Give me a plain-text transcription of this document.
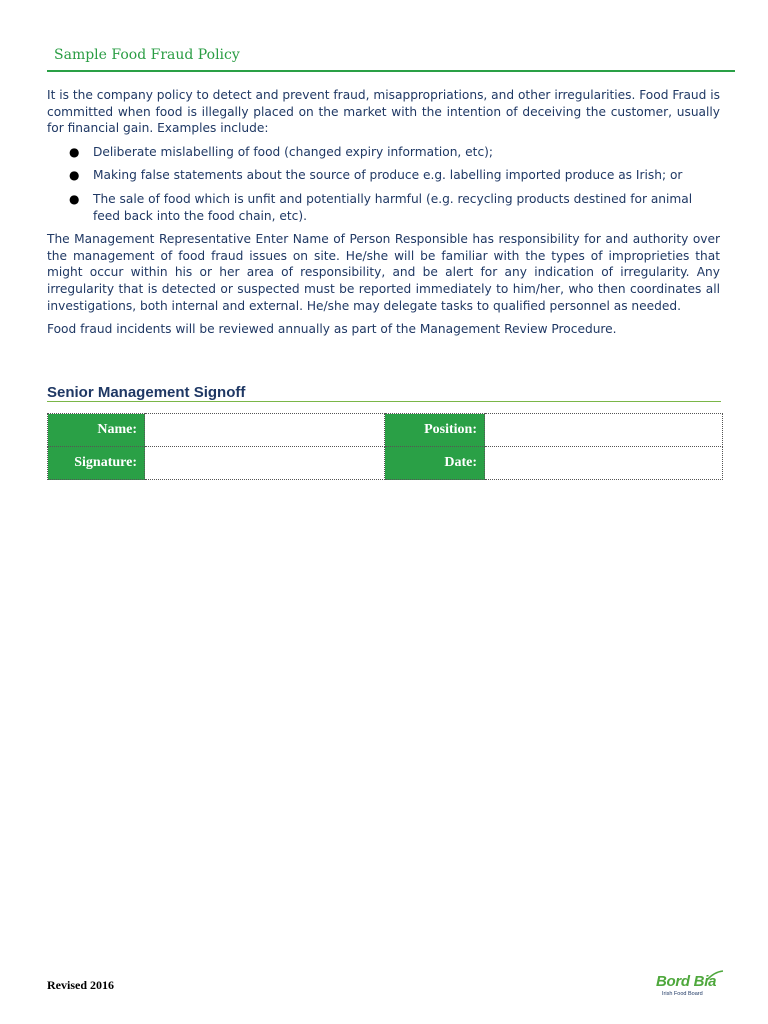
Sample Food Fraud Policy

It is the company policy to detect and prevent fraud, misappropriations, and other irregularities. Food Fraud is committed when food is illegally placed on the market with the intention of deceiving the customer, usually for financial gain. Examples include:

● Deliberate mislabelling of food (changed expiry information, etc);
● Making false statements about the source of produce e.g. labelling imported produce as Irish; or
● The sale of food which is unfit and potentially harmful (e.g. recycling products destined for animal feed back into the food chain, etc).

The Management Representative Enter Name of Person Responsible has responsibility for and authority over the management of food fraud issues on site. He/she will be familiar with the types of improprieties that might occur within his or her area of responsibility, and be alert for any indication of irregularity. Any irregularity that is detected or suspected must be reported immediately to him/her, who then coordinates all investigations, both internal and external. He/she may delegate tasks to qualified personnel as needed.

Food fraud incidents will be reviewed annually as part of the Management Review Procedure.

Senior Management Signoff
Name:		Position:	
Signature:		Date:	
Revised 2016	Bord Bia
Irish Food Board
